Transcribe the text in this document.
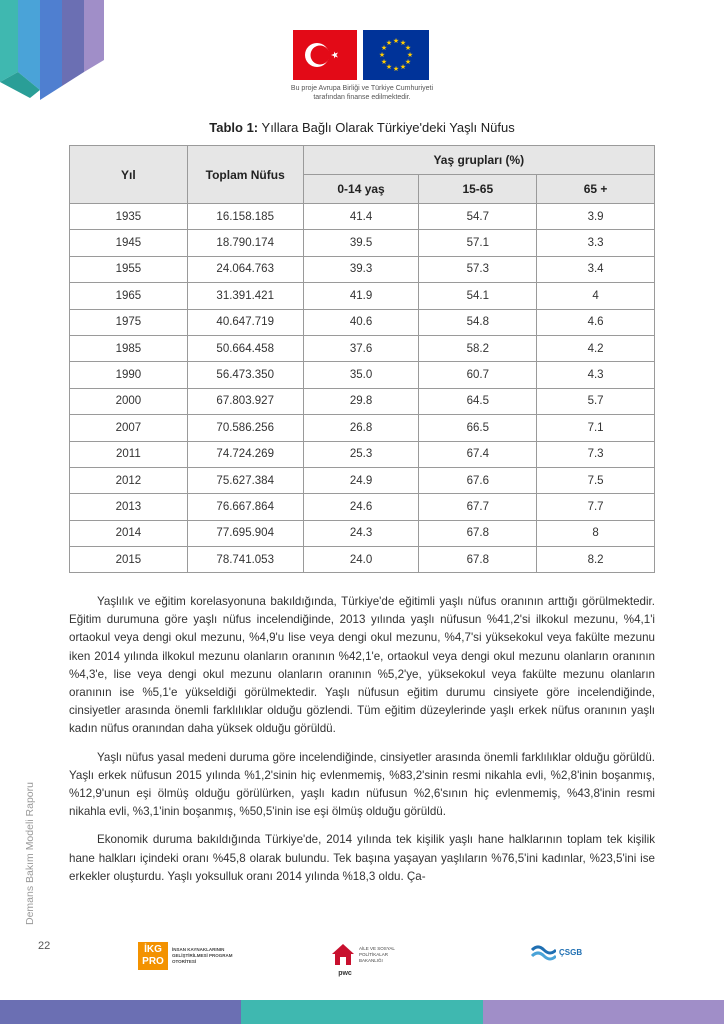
★ ★
★
★
★
★
★
★
★
★
★
★
Bu proje Avrupa Birliği ve Türkiye Cumhuriyeti
tarafından finanse edilmektedir.
Tablo 1: Yıllara Bağlı Olarak Türkiye'deki Yaşlı Nüfus
Yıl	Toplam Nüfus	Yaş grupları (%)		
		0-14 yaş	15-65	65 +
1935	16.158.185	41.4	54.7	3.9
1945	18.790.174	39.5	57.1	3.3
1955	24.064.763	39.3	57.3	3.4
1965	31.391.421	41.9	54.1	4
1975	40.647.719	40.6	54.8	4.6
1985	50.664.458	37.6	58.2	4.2
1990	56.473.350	35.0	60.7	4.3
2000	67.803.927	29.8	64.5	5.7
2007	70.586.256	26.8	66.5	7.1
2011	74.724.269	25.3	67.4	7.3
2012	75.627.384	24.9	67.6	7.5
2013	76.667.864	24.6	67.7	7.7
2014	77.695.904	24.3	67.8	8
2015	78.741.053	24.0	67.8	8.2

Yaşlılık ve eğitim korelasyonuna bakıldığında, Türkiye'de eğitimli yaşlı nüfus oranının arttığı görülmektedir. Eğitim durumuna göre yaşlı nüfus incelendiğinde, 2013 yılında yaşlı nüfusun %41,2'si ilkokul mezunu, %4,1'i ortaokul veya dengi okul mezunu, %4,9'u lise veya dengi okul mezunu, %4,7'si yüksekokul veya fakülte mezunu iken 2014 yılında ilkokul mezunu olanların oranının %42,1'e, ortaokul veya dengi okul mezunu olanların oranının %4,3'e, lise veya dengi okul mezunu olanların oranının %5,2'ye, yüksekokul veya fakülte mezunu olanların oranının ise %5,1'e yükseldiği görülmektedir. Yaşlı nüfusun eğitim durumu cinsiyete göre incelendiğinde, cinsiyetler arasında önemli farklılıklar olduğu gözlendi. Tüm eğitim düzeylerinde yaşlı erkek nüfus oranının yaşlı kadın nüfus oranından daha yüksek olduğu görüldü.

Yaşlı nüfus yasal medeni duruma göre incelendiğinde, cinsiyetler arasında önemli farklılıklar olduğu görüldü. Yaşlı erkek nüfusun 2015 yılında %1,2'sinin hiç evlenmemiş, %83,2'sinin resmi nikahla evli, %2,8'inin boşanmış, %12,9'unun eşi ölmüş olduğu görülürken, yaşlı kadın nüfusun %2,6'sının hiç evlenmemiş, %43,8'inin resmi nikahla evli, %3,1'inin boşanmış, %50,5'inin ise eşi ölmüş olduğu görüldü.

Ekonomik duruma bakıldığında Türkiye'de, 2014 yılında tek kişilik yaşlı hane halklarının toplam tek kişilik hane halkları içindeki oranı %45,8 olarak bulundu. Tek başına yaşayan yaşlıların %76,5'ini kadınlar, %23,5'ini ise erkekler oluşturdu. Yaşlı yoksulluk oranı 2014 yılında %18,3 oldu. Ça-

Demans Bakım Modeli Raporu
22	İKG PRO
İNSAN KAYNAKLARININ GELİŞTİRİLMESİ PROGRAM OTORİTESİ
AİLE VE SOSYAL POLİTİKALAR BAKANLIĞI
pwc
ÇSGB
